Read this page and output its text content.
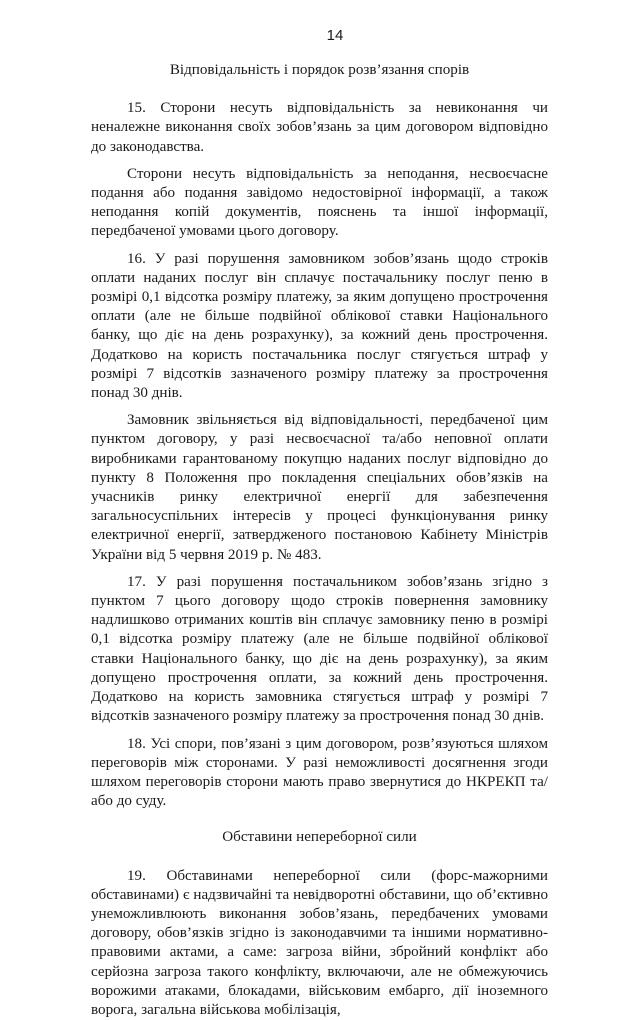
14

Відповідальність і порядок розв’язання спорів

15. Сторони несуть відповідальність за невиконання чи неналежне виконання своїх зобов’язань за цим договором відповідно до законодавства.

Сторони несуть відповідальність за неподання, несвоєчасне подання або подання завідомо недостовірної інформації, а також неподання копій документів, пояснень та іншої інформації, передбаченої умовами цього договору.

16. У разі порушення замовником зобов’язань щодо строків оплати наданих послуг він сплачує постачальнику послуг пеню в розмірі 0,1 відсотка розміру платежу, за яким допущено прострочення оплати (але не більше подвійної облікової ставки Національного банку, що діє на день розрахунку), за кожний день прострочення. Додатково на користь постачальника послуг стягується штраф у розмірі 7 відсотків зазначеного розміру платежу за прострочення понад 30 днів.

Замовник звільняється від відповідальності, передбаченої цим пунктом договору, у разі несвоєчасної та/або неповної оплати виробниками гарантованому покупцю наданих послуг відповідно до пункту 8 Положення про покладення спеціальних обов’язків на учасників ринку електричної енергії для забезпечення загальносуспільних інтересів у процесі функціонування ринку електричної енергії, затвердженого постановою Кабінету Міністрів України від 5 червня 2019 р. № 483.

17. У разі порушення постачальником зобов’язань згідно з пунктом 7 цього договору щодо строків повернення замовнику надлишково отриманих коштів він сплачує замовнику пеню в розмірі 0,1 відсотка розміру платежу (але не більше подвійної облікової ставки Національного банку, що діє на день розрахунку), за яким допущено прострочення оплати, за кожний день прострочення. Додатково на користь замовника стягується штраф у розмірі 7 відсотків зазначеного розміру платежу за прострочення понад 30 днів.

18. Усі спори, пов’язані з цим договором, розв’язуються шляхом переговорів між сторонами. У разі неможливості досягнення згоди шляхом переговорів сторони мають право звернутися до НКРЕКП та/або до суду.

Обставини непереборної сили

19. Обставинами непереборної сили (форс-мажорними обставинами) є надзвичайні та невідворотні обставини, що об’єктивно унеможливлюють виконання зобов’язань, передбачених умовами договору, обов’язків згідно із законодавчими та іншими нормативно-правовими актами, а саме: загроза війни, збройний конфлікт або серйозна загроза такого конфлікту, включаючи, але не обмежуючись ворожими атаками, блокадами, військовим ембарго, дії іноземного ворога, загальна військова мобілізація,
